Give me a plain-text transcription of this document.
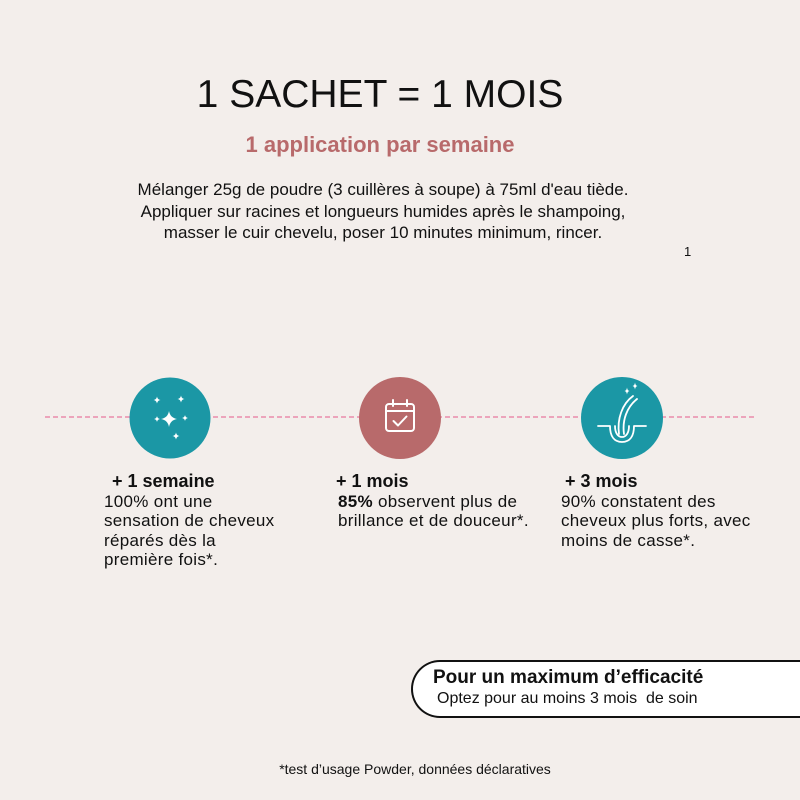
1 SACHET = 1 MOIS
1 application par semaine
Mélanger 25g de poudre (3 cuillères à soupe) à 75ml d'eau tiède.
Appliquer sur racines et longueurs humides après le shampoing,
masser le cuir chevelu, poser 10 minutes minimum, rincer.
1
+ 1 semaine
100% ont une
sensation de cheveux
réparés dès la
première fois*.
+ 1 mois
85% observent plus de
brillance et de douceur*.
+ 3 mois
90% constatent des
cheveux plus forts, avec
moins de casse*.
Pour un maximum d’efficacité
Optez pour au moins 3 mois  de soin
*test d’usage Powder, données déclaratives
